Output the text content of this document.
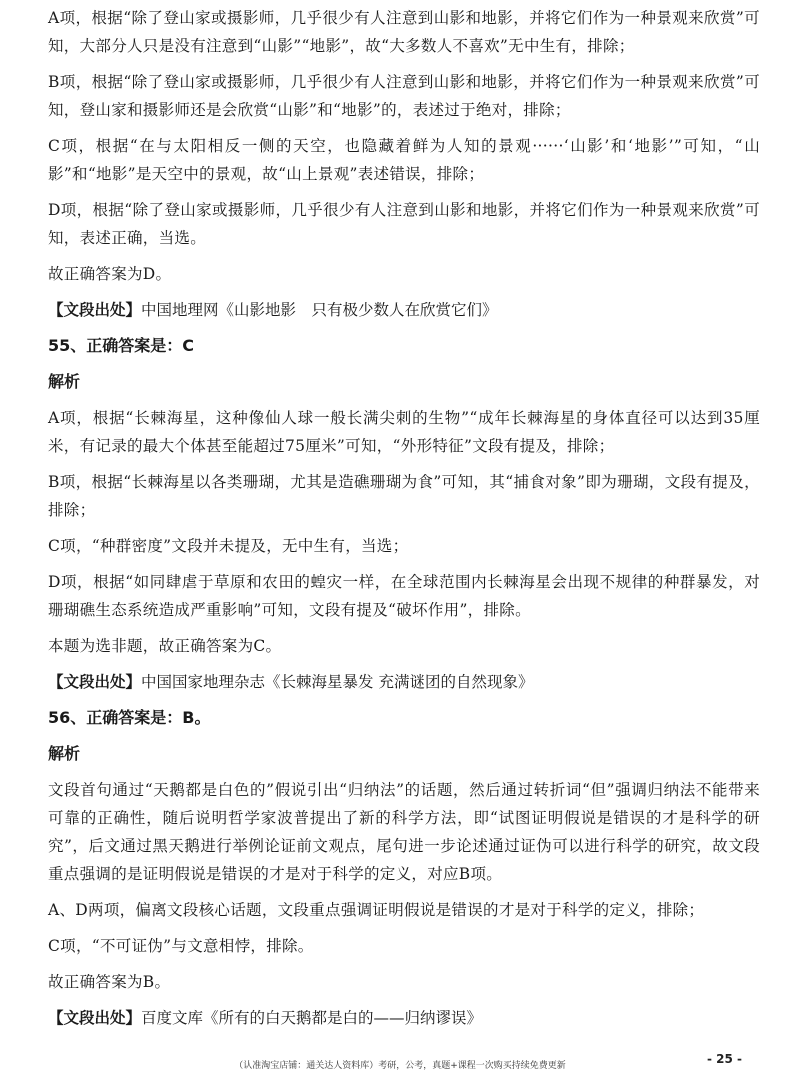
A项，根据“除了登山家或摄影师，几乎很少有人注意到山影和地影，并将它们作为一种景观来欣赏”可知，大部分人只是没有注意到“山影”“地影”，故“大多数人不喜欢”无中生有，排除；

B项，根据“除了登山家或摄影师，几乎很少有人注意到山影和地影，并将它们作为一种景观来欣赏”可知，登山家和摄影师还是会欣赏“山影”和“地影”的，表述过于绝对，排除；

C项，根据“在与太阳相反一侧的天空，也隐藏着鲜为人知的景观······‘山影’和‘地影’”可知，“山影”和“地影”是天空中的景观，故“山上景观”表述错误，排除；

D项，根据“除了登山家或摄影师，几乎很少有人注意到山影和地影，并将它们作为一种景观来欣赏”可知，表述正确，当选。

故正确答案为D。

【文段出处】中国地理网《山影地影　只有极少数人在欣赏它们》

55、正确答案是：C

解析

A项，根据“长棘海星，这种像仙人球一般长满尖刺的生物”“成年长棘海星的身体直径可以达到35厘米，有记录的最大个体甚至能超过75厘米”可知，“外形特征”文段有提及，排除；

B项，根据“长棘海星以各类珊瑚，尤其是造礁珊瑚为食”可知，其“捕食对象”即为珊瑚，文段有提及，排除；

C项，“种群密度”文段并未提及，无中生有，当选；

D项，根据“如同肆虐于草原和农田的蝗灾一样，在全球范围内长棘海星会出现不规律的种群暴发，对珊瑚礁生态系统造成严重影响”可知，文段有提及“破坏作用”，排除。

本题为选非题，故正确答案为C。

【文段出处】中国国家地理杂志《长棘海星暴发 充满谜团的自然现象》

56、正确答案是：B。

解析

文段首句通过“天鹅都是白色的”假说引出“归纳法”的话题，然后通过转折词“但”强调归纳法不能带来可靠的正确性，随后说明哲学家波普提出了新的科学方法，即“试图证明假说是错误的才是科学的研究”，后文通过黑天鹅进行举例论证前文观点，尾句进一步论述通过证伪可以进行科学的研究，故文段重点强调的是证明假说是错误的才是对于科学的定义，对应B项。

A、D两项，偏离文段核心话题，文段重点强调证明假说是错误的才是对于科学的定义，排除；

C项，“不可证伪”与文意相悖，排除。

故正确答案为B。

【文段出处】百度文库《所有的白天鹅都是白的——归纳谬误》

（认准淘宝店铺：通关达人资料库）考研，公考，真题+课程一次购买持续免费更新	- 25 -
